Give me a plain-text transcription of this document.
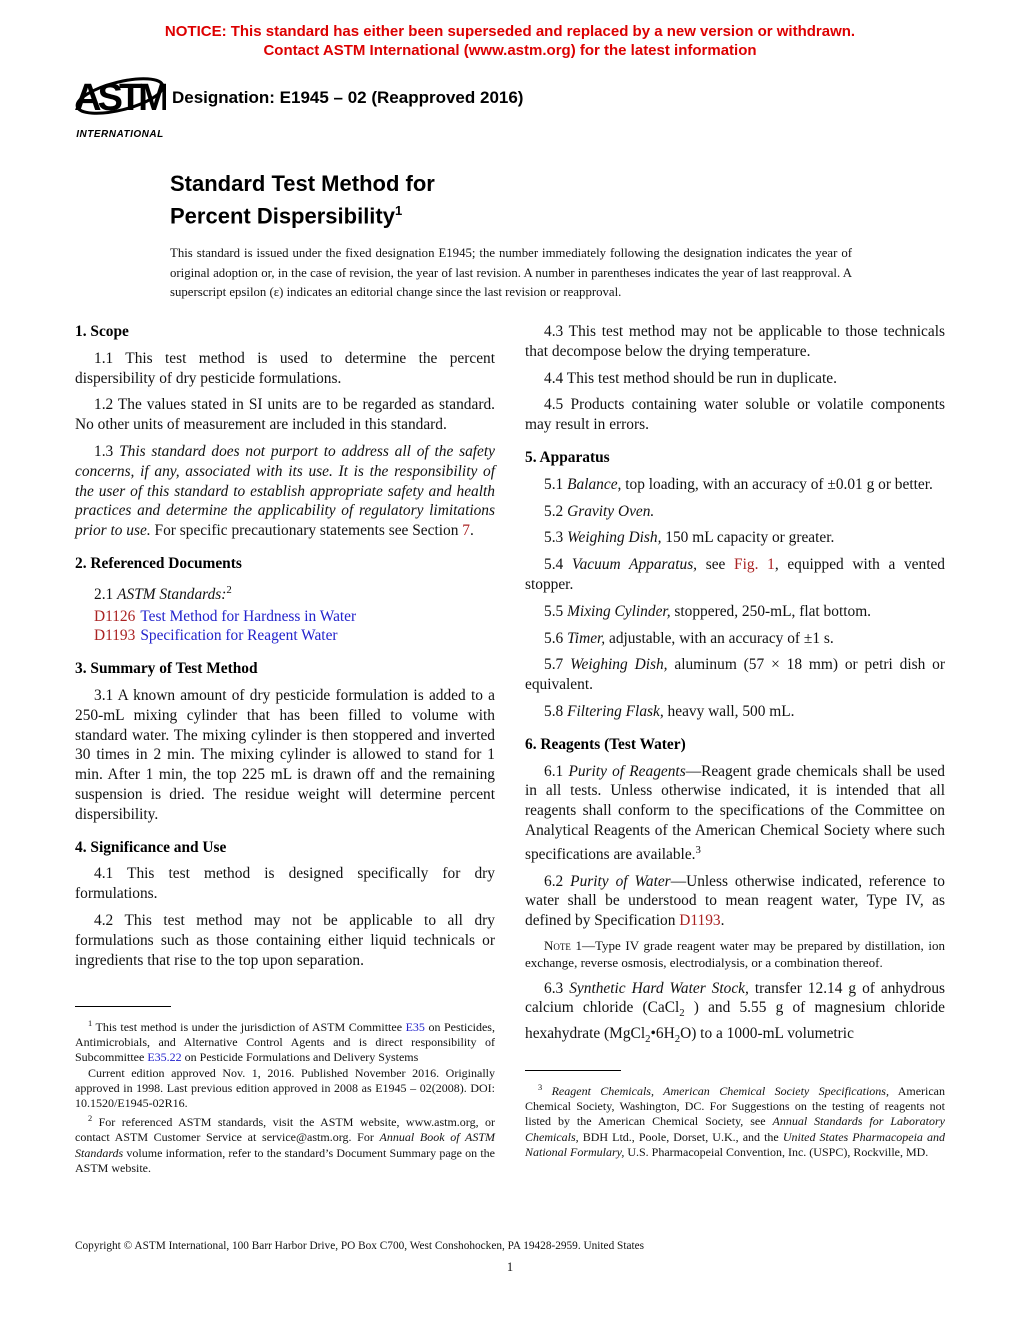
NOTICE: This standard has either been superseded and replaced by a new version or withdrawn.
Contact ASTM International (www.astm.org) for the latest information
ASTM
INTERNATIONAL
Designation: E1945 – 02 (Reapproved 2016)
Standard Test Method for
Percent Dispersibility$^1$
This standard is issued under the fixed designation E1945; the number immediately following the designation indicates the year of original adoption or, in the case of revision, the year of last revision. A number in parentheses indicates the year of last reapproval. A superscript epsilon (ε) indicates an editorial change since the last revision or reapproval.
1. Scope

1.1 This test method is used to determine the percent dispersibility of dry pesticide formulations.

1.2 The values stated in SI units are to be regarded as standard. No other units of measurement are included in this standard.

1.3 This standard does not purport to address all of the safety concerns, if any, associated with its use. It is the responsibility of the user of this standard to establish appropriate safety and health practices and determine the applicability of regulatory limitations prior to use. For specific precautionary statements see Section 7.

2. Referenced Documents

2.1 ASTM Standards:$^2$

D1126 Test Method for Hardness in Water
D1193 Specification for Reagent Water
3. Summary of Test Method

3.1 A known amount of dry pesticide formulation is added to a 250-mL mixing cylinder that has been filled to volume with standard water. The mixing cylinder is then stoppered and inverted 30 times in 2 min. The mixing cylinder is allowed to stand for 1 min. After 1 min, the top 225 mL is drawn off and the remaining suspension is dried. The residue weight will determine percent dispersibility.

4. Significance and Use

4.1 This test method is designed specifically for dry formulations.

4.2 This test method may not be applicable to all dry formulations such as those containing either liquid technicals or ingredients that rise to the top upon separation.

4.3 This test method may not be applicable to those technicals that decompose below the drying temperature.

4.4 This test method should be run in duplicate.

4.5 Products containing water soluble or volatile components may result in errors.

5. Apparatus

5.1 Balance, top loading, with an accuracy of ±0.01 g or better.

5.2 Gravity Oven.

5.3 Weighing Dish, 150 mL capacity or greater.

5.4 Vacuum Apparatus, see Fig. 1, equipped with a vented stopper.

5.5 Mixing Cylinder, stoppered, 250-mL, flat bottom.

5.6 Timer, adjustable, with an accuracy of ±1 s.

5.7 Weighing Dish, aluminum (57 × 18 mm) or petri dish or equivalent.

5.8 Filtering Flask, heavy wall, 500 mL.

6. Reagents (Test Water)

6.1 Purity of Reagents—Reagent grade chemicals shall be used in all tests. Unless otherwise indicated, it is intended that all reagents shall conform to the specifications of the Committee on Analytical Reagents of the American Chemical Society where such specifications are available.$^3$

6.2 Purity of Water—Unless otherwise indicated, reference to water shall be understood to mean reagent water, Type IV, as defined by Specification D1193.

Note 1—Type IV grade reagent water may be prepared by distillation, ion exchange, reverse osmosis, electrodialysis, or a combination thereof.

6.3 Synthetic Hard Water Stock, transfer 12.14 g of anhydrous calcium chloride (CaCl$_2$ ) and 5.55 g of magnesium chloride hexahydrate $(MgCl_2•6H_2O)$ to a 1000-mL volumetric

$^1$ This test method is under the jurisdiction of ASTM Committee E35 on Pesticides, Antimicrobials, and Alternative Control Agents and is direct responsibility of Subcommittee E35.22 on Pesticide Formulations and Delivery Systems

Current edition approved Nov. 1, 2016. Published November 2016. Originally approved in 1998. Last previous edition approved in 2008 as E1945 – 02(2008). DOI: 10.1520/E1945-02R16.

$^2$ For referenced ASTM standards, visit the ASTM website, www.astm.org, or contact ASTM Customer Service at service@astm.org. For Annual Book of ASTM Standards volume information, refer to the standard’s Document Summary page on the ASTM website.

$^3$ Reagent Chemicals, American Chemical Society Specifications, American Chemical Society, Washington, DC. For Suggestions on the testing of reagents not listed by the American Chemical Society, see Annual Standards for Laboratory Chemicals, BDH Ltd., Poole, Dorset, U.K., and the United States Pharmacopeia and National Formulary, U.S. Pharmacopeial Convention, Inc. (USPC), Rockville, MD.

Copyright © ASTM International, 100 Barr Harbor Drive, PO Box C700, West Conshohocken, PA 19428-2959. United States
1
